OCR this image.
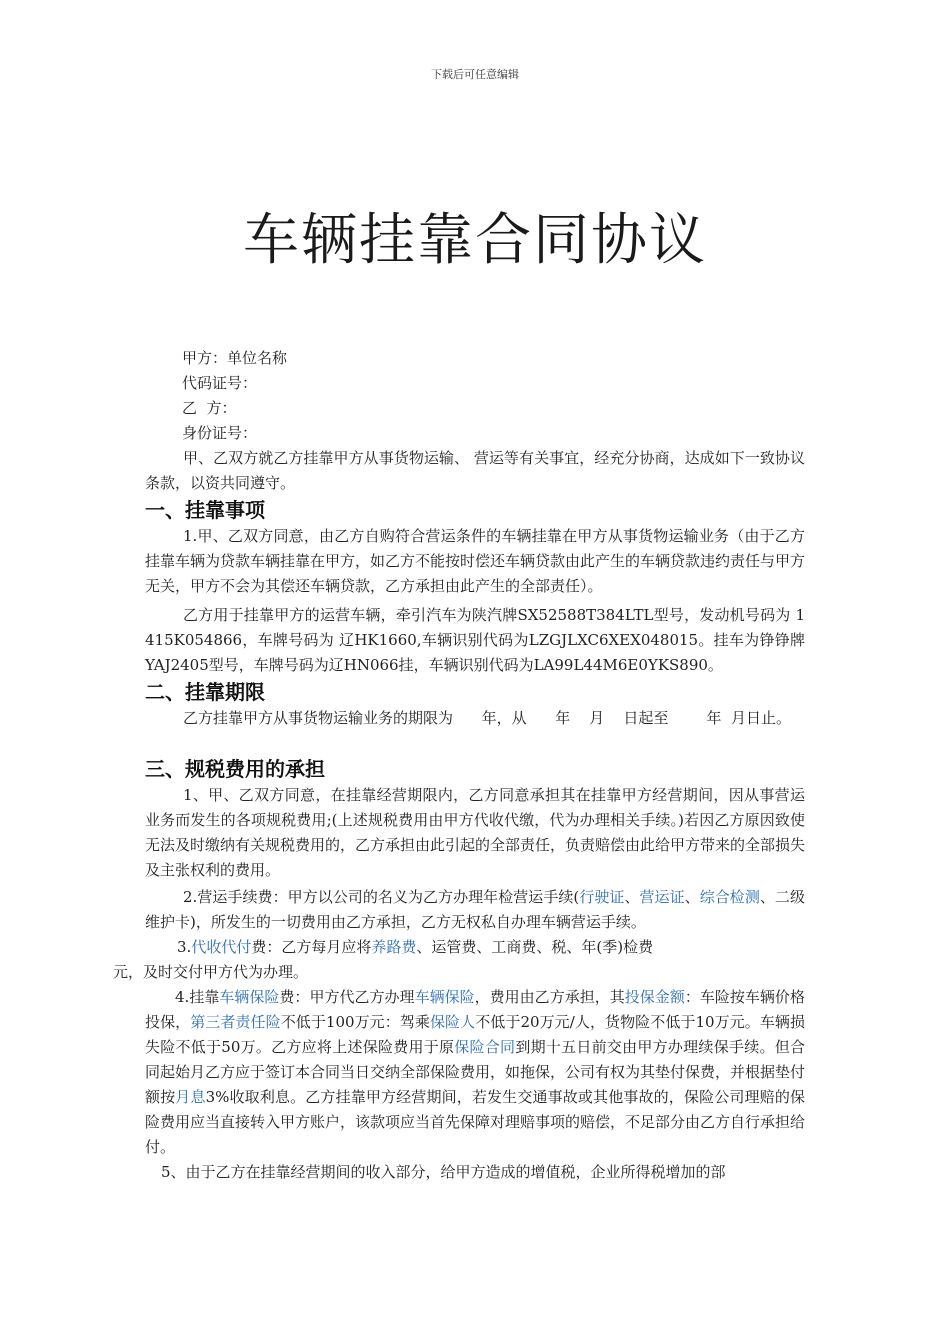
下载后可任意编辑
车辆挂靠合同协议

甲方：单位名称

代码证号：

乙  方：

身份证号：

甲、乙双方就乙方挂靠甲方从事货物运输、 营运等有关事宜，经充分协商，达成如下一致协议条款，以资共同遵守。

一、挂靠事项

1.甲、乙双方同意，由乙方自购符合营运条件的车辆挂靠在甲方从事货物运输业务（由于乙方挂靠车辆为贷款车辆挂靠在甲方，如乙方不能按时偿还车辆贷款由此产生的车辆贷款违约责任与甲方无关，甲方不会为其偿还车辆贷款，乙方承担由此产生的全部责任）。

乙方用于挂靠甲方的运营车辆，牵引汽车为陕汽牌SX52588T384LTL型号，发动机号码为 1415K054866，车牌号码为 辽HK1660,车辆识别代码为LZGJLXC6XEX048015。挂车为铮铮牌YAJ2405型号，车牌号码为辽HN066挂，车辆识别代码为LA99L44M6E0YKS890。

二、挂靠期限

乙方挂靠甲方从事货物运输业务的期限为      年，从      年    月    日起至        年  月日止。

三、规税费用的承担

1、甲、乙双方同意，在挂靠经营期限内，乙方同意承担其在挂靠甲方经营期间，因从事营运业务而发生的各项规税费用;(上述规税费用由甲方代收代缴，代为办理相关手续。)若因乙方原因致使无法及时缴纳有关规税费用的，乙方承担由此引起的全部责任，负责赔偿由此给甲方带来的全部损失及主张权利的费用。

2.营运手续费：甲方以公司的名义为乙方办理年检营运手续(行驶证、营运证、综合检测、二级维护卡)，所发生的一切费用由乙方承担，乙方无权私自办理车辆营运手续。

3.代收代付费：乙方每月应将养路费、运管费、工商费、税、年(季)检费
元，及时交付甲方代为办理。

4.挂靠车辆保险费：甲方代乙方办理车辆保险，费用由乙方承担，其投保金额：车险按车辆价格投保，第三者责任险不低于100万元：驾乘保险人不低于20万元/人，货物险不低于10万元。车辆损失险不低于50万。乙方应将上述保险费用于原保险合同到期十五日前交由甲方办理续保手续。但合同起始月乙方应于签订本合同当日交纳全部保险费用，如拖保，公司有权为其垫付保费，并根据垫付额按月息3%收取利息。乙方挂靠甲方经营期间，若发生交通事故或其他事故的，保险公司理赔的保险费用应当直接转入甲方账户，该款项应当首先保障对理赔事项的赔偿，不足部分由乙方自行承担给付。

5、由于乙方在挂靠经营期间的收入部分，给甲方造成的增值税，企业所得税增加的部
